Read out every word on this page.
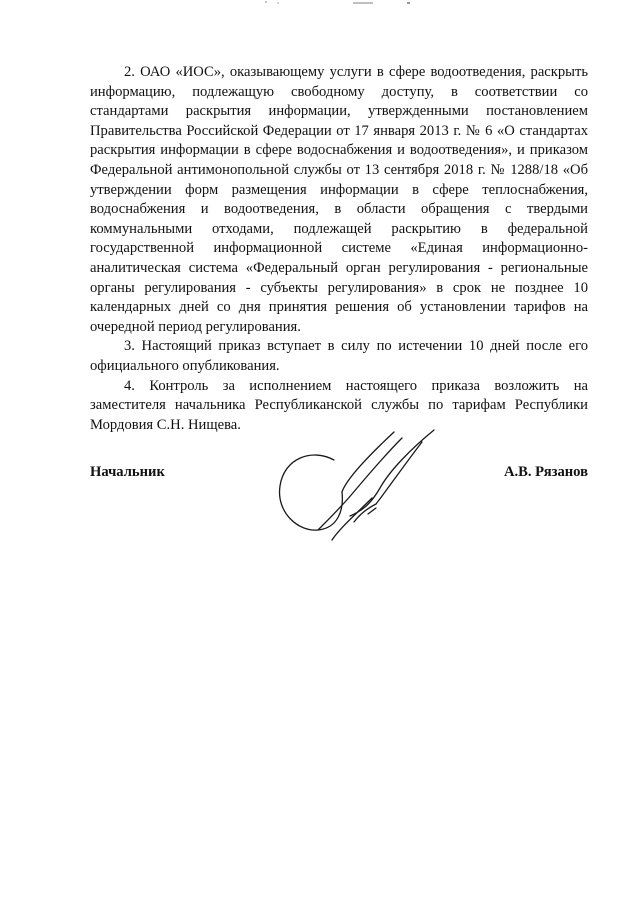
2. ОАО «ИОС», оказывающему услуги в сфере водоотведения, раскрыть информацию, подлежащую свободному доступу, в соответствии со стандартами раскрытия информации, утвержденными постановлением Правительства Российской Федерации от 17 января 2013 г. № 6 «О стандартах раскрытия информации в сфере водоснабжения и водоотведения», и приказом Федеральной антимонопольной службы от 13 сентября 2018 г. № 1288/18 «Об утверждении форм размещения информации в сфере теплоснабжения, водоснабжения и водоотведения, в области обращения с твердыми коммунальными отходами, подлежащей раскрытию в федеральной государственной информационной системе «Единая информационно-аналитическая система «Федеральный орган регулирования - региональные органы регулирования - субъекты регулирования» в срок не позднее 10 календарных дней со дня принятия решения об установлении тарифов на очередной период регулирования.

3. Настоящий приказ вступает в силу по истечении 10 дней после его официального опубликования.

4. Контроль за исполнением настоящего приказа возложить на заместителя начальника Республиканской службы по тарифам Республики Мордовия С.Н. Нищева.

Начальник	А.В. Рязанов
